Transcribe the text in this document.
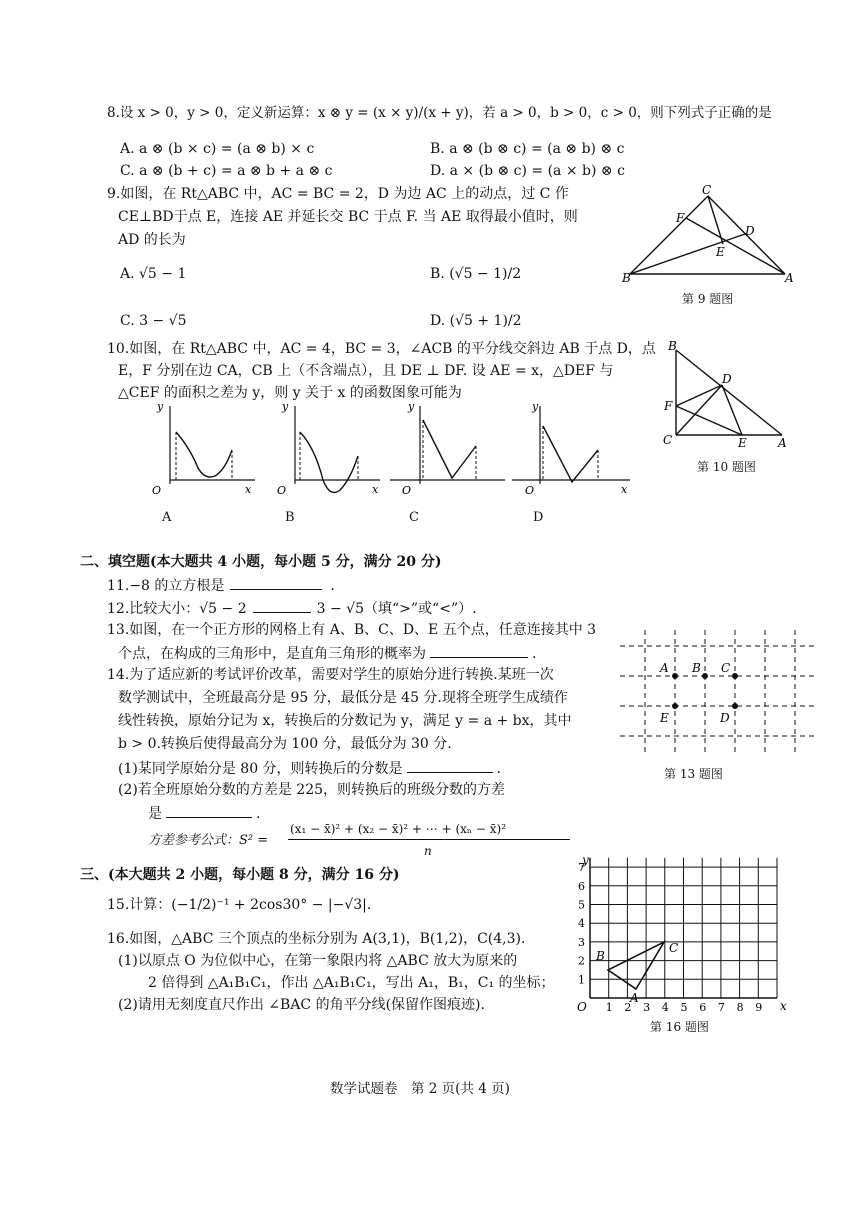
8.设 x > 0，y > 0，定义新运算：x ⊗ y = (x × y)/(x + y)，若 a > 0，b > 0，c > 0，则下列式子正确的是
A. a ⊗ (b × c) = (a ⊗ b) × c	B. a ⊗ (b ⊗ c) = (a ⊗ b) ⊗ c
C. a ⊗ (b + c) = a ⊗ b + a ⊗ c	D. a × (b ⊗ c) = (a × b) ⊗ c
9.如图，在 Rt△ABC 中，AC = BC = 2，D 为边 AC 上的动点，过 C 作
CE⊥BD于点 E，连接 AE 并延长交 BC 于点 F. 当 AE 取得最小值时，则
AD 的长为
A. √5 − 1	B. (√5 − 1)/2
C. 3 − √5	D. (√5 + 1)/2
C
F
D
E
B	A
第 9 题图
10.如图，在 Rt△ABC 中，AC = 4，BC = 3，∠ACB 的平分线交斜边 AB 于点 D，点
E，F 分别在边 CA，CB 上（不含端点），且 DE ⊥ DF. 设 AE = x，△DEF 与
△CEF 的面积之差为 y，则 y 关于 x 的函数图象可能为
B
D
F
C	E	A
第 10 题图
y
x
O
y
x
O
y
O
y
x
O
A	B	C	D
二、填空题(本大题共 4 小题，每小题 5 分，满分 20 分)
11.−8 的立方根是	.
12.比较大小：√5 − 2	3 − √5（填“>”或“<”）.
13.如图，在一个正方形的网格上有 A、B、C、D、E 五个点，任意连接其中 3
个点，在构成的三角形中，是直角三角形的概率为	.
14.为了适应新的考试评价改革，需要对学生的原始分进行转换.某班一次
数学测试中，全班最高分是 95 分，最低分是 45 分.现将全班学生成绩作
线性转换，原始分记为 x，转换后的分数记为 y，满足 y = a + bx，其中
b > 0.转换后使得最高分为 100 分，最低分为 30 分.
(1)某同学原始分是 80 分，则转换后的分数是	.
(2)若全班原始分数的方差是 225，则转换后的班级分数的方差
是	.
方差参考公式：S² =
(x₁ − x̄)² + (x₂ − x̄)² + ⋯ + (xₙ − x̄)²
n
A B C
E	D
第 13 题图
三、(本大题共 2 小题，每小题 8 分，满分 16 分)
15.计算：(−1/2)⁻¹ + 2cos30° − |−√3|.
16.如图，△ABC 三个顶点的坐标分别为 A(3,1)，B(1,2)，C(4,3).
(1)以原点 O 为位似中心，在第一象限内将 △ABC 放大为原来的
2 倍得到 △A₁B₁C₁，作出 △A₁B₁C₁，写出 A₁，B₁，C₁ 的坐标；
(2)请用无刻度直尺作出 ∠BAC 的角平分线(保留作图痕迹).
y
x
O
B
C
A
1 2 3 4 5 6 7 8 9
1
2
3
4
5
6
7
第 16 题图
数学试题卷　第 2 页(共 4 页)
